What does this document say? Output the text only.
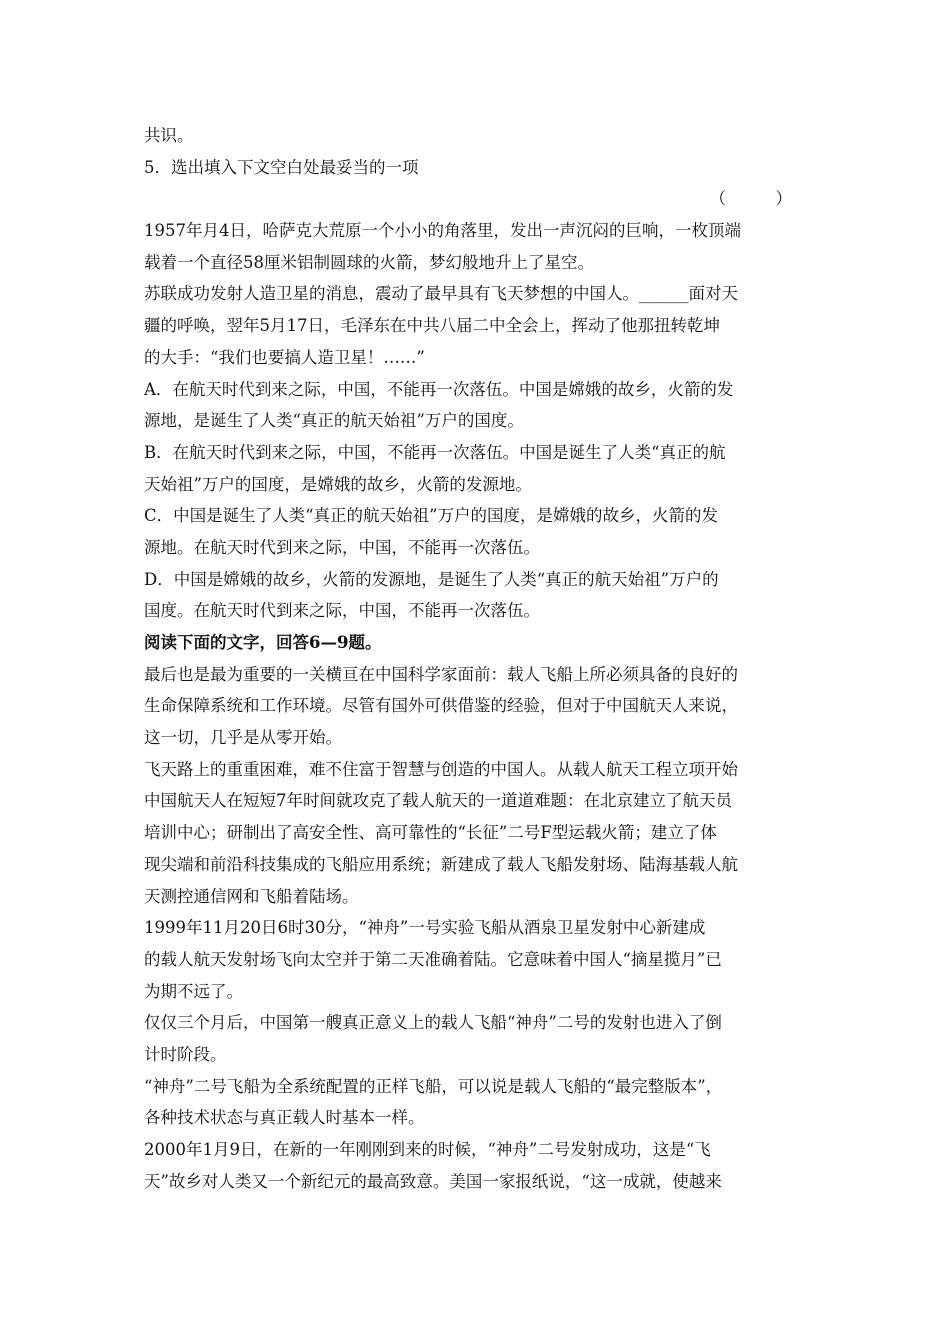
共识。
5．选出填入下文空白处最妥当的一项
（　　　）
1957年月4日，哈萨克大荒原一个小小的角落里，发出一声沉闷的巨响，一枚顶端
载着一个直径58厘米铝制圆球的火箭，梦幻般地升上了星空。
苏联成功发射人造卫星的消息，震动了最早具有飞天梦想的中国人。______面对天
疆的呼唤，翌年5月17日，毛泽东在中共八届二中全会上，挥动了他那扭转乾坤
的大手：“我们也要搞人造卫星！……”
A．在航天时代到来之际，中国，不能再一次落伍。中国是嫦娥的故乡，火箭的发
源地，是诞生了人类“真正的航天始祖”万户的国度。
B．在航天时代到来之际，中国，不能再一次落伍。中国是诞生了人类“真正的航
天始祖”万户的国度，是嫦娥的故乡，火箭的发源地。
C．中国是诞生了人类“真正的航天始祖”万户的国度，是嫦娥的故乡，火箭的发
源地。在航天时代到来之际，中国，不能再一次落伍。
D．中国是嫦娥的故乡，火箭的发源地，是诞生了人类“真正的航天始祖”万户的
国度。在航天时代到来之际，中国，不能再一次落伍。
阅读下面的文字，回答6—9题。
最后也是最为重要的一关横亘在中国科学家面前：载人飞船上所必须具备的良好的
生命保障系统和工作环境。尽管有国外可供借鉴的经验，但对于中国航天人来说，
这一切，几乎是从零开始。
飞天路上的重重困难，难不住富于智慧与创造的中国人。从载人航天工程立项开始
中国航天人在短短7年时间就攻克了载人航天的一道道难题：在北京建立了航天员
培训中心；研制出了高安全性、高可靠性的“长征”二号F型运载火箭；建立了体
现尖端和前沿科技集成的飞船应用系统；新建成了载人飞船发射场、陆海基载人航
天测控通信网和飞船着陆场。
1999年11月20日6时30分，“神舟”一号实验飞船从酒泉卫星发射中心新建成
的载人航天发射场飞向太空并于第二天准确着陆。它意味着中国人“摘星揽月”已
为期不远了。
仅仅三个月后，中国第一艘真正意义上的载人飞船“神舟”二号的发射也进入了倒
计时阶段。
“神舟”二号飞船为全系统配置的正样飞船，可以说是载人飞船的“最完整版本”，
各种技术状态与真正载人时基本一样。
2000年1月9日，在新的一年刚刚到来的时候，“神舟”二号发射成功，这是“飞
天”故乡对人类又一个新纪元的最高致意。美国一家报纸说，“这一成就，使越来
